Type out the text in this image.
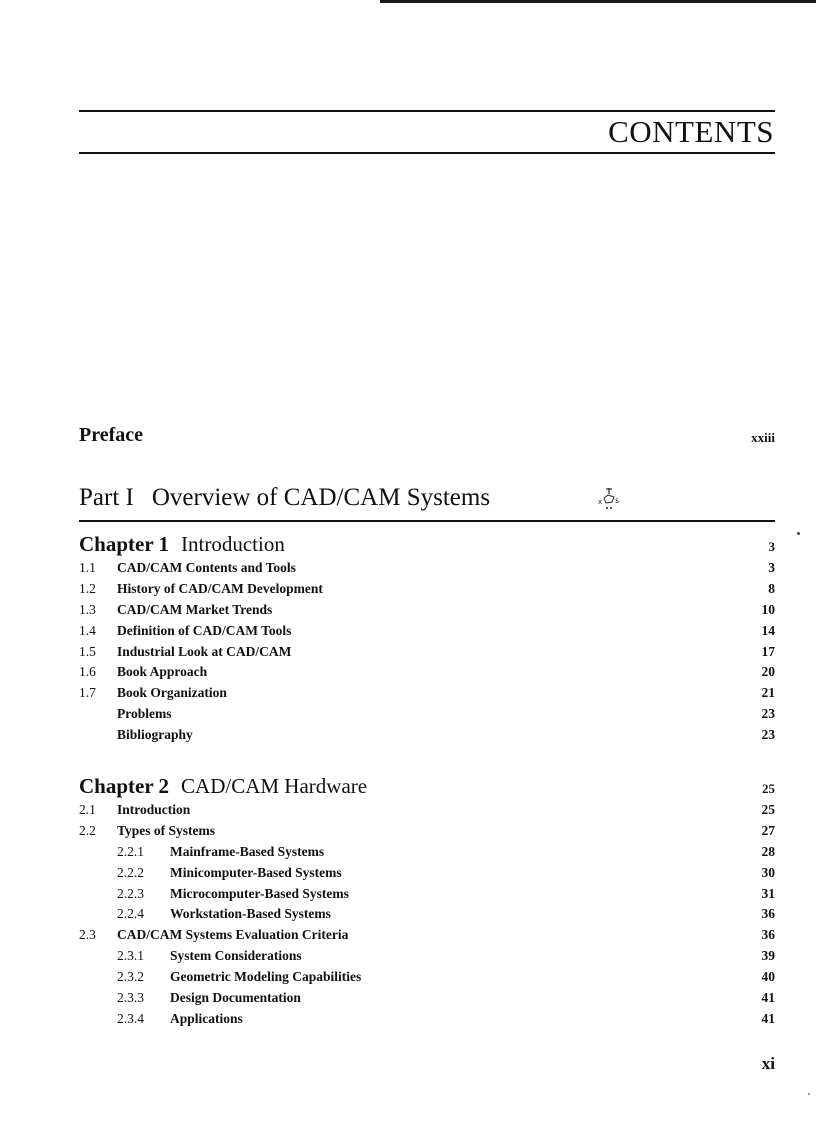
CONTENTS
Preface	xxiii
Part I Overview of CAD/CAM Systems	x s
Chapter 1 Introduction	3
1.1 CAD/CAM Contents and Tools	3
1.2 History of CAD/CAM Development	8
1.3 CAD/CAM Market Trends	10
1.4 Definition of CAD/CAM Tools	14
1.5 Industrial Look at CAD/CAM	17
1.6 Book Approach	20
1.7 Book Organization	21
Problems	23
Bibliography	23
Chapter 2 CAD/CAM Hardware	25
2.1 Introduction	25
2.2 Types of Systems	27
2.2.1 Mainframe-Based Systems	28
2.2.2 Minicomputer-Based Systems	30
2.2.3 Microcomputer-Based Systems	31
2.2.4 Workstation-Based Systems	36
2.3 CAD/CAM Systems Evaluation Criteria	36
2.3.1 System Considerations	39
2.3.2 Geometric Modeling Capabilities	40
2.3.3 Design Documentation	41
2.3.4 Applications	41
xi
